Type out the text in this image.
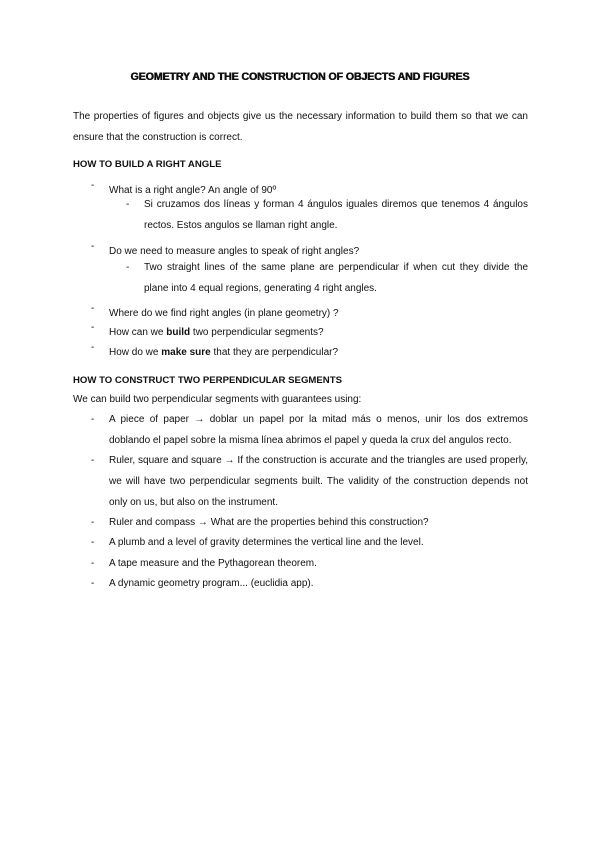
GEOMETRY AND THE CONSTRUCTION OF OBJECTS AND FIGURES
The properties of figures and objects give us the necessary information to build them so that we can ensure that the construction is correct.
HOW TO BUILD A RIGHT ANGLE
- What is a right angle? An angle of 90º
- Si cruzamos dos líneas y forman 4 ángulos iguales diremos que tenemos 4 ángulos rectos. Estos angulos se llaman right angle.
- Do we need to measure angles to speak of right angles?
- Two straight lines of the same plane are perpendicular if when cut they divide the plane into 4 equal regions, generating 4 right angles.
- Where do we find right angles (in plane geometry) ?
- How can we build two perpendicular segments?
- How do we make sure that they are perpendicular?
HOW TO CONSTRUCT TWO PERPENDICULAR SEGMENTS
We can build two perpendicular segments with guarantees using:
- A piece of paper → doblar un papel por la mitad más o menos, unir los dos extremos doblando el papel sobre la misma línea abrimos el papel y queda la crux del angulos recto.
- Ruler, square and square → If the construction is accurate and the triangles are used properly, we will have two perpendicular segments built. The validity of the construction depends not only on us, but also on the instrument.
- Ruler and compass → What are the properties behind this construction?
- A plumb and a level of gravity determines the vertical line and the level.
- A tape measure and the Pythagorean theorem.
- A dynamic geometry program... (euclidia app).
